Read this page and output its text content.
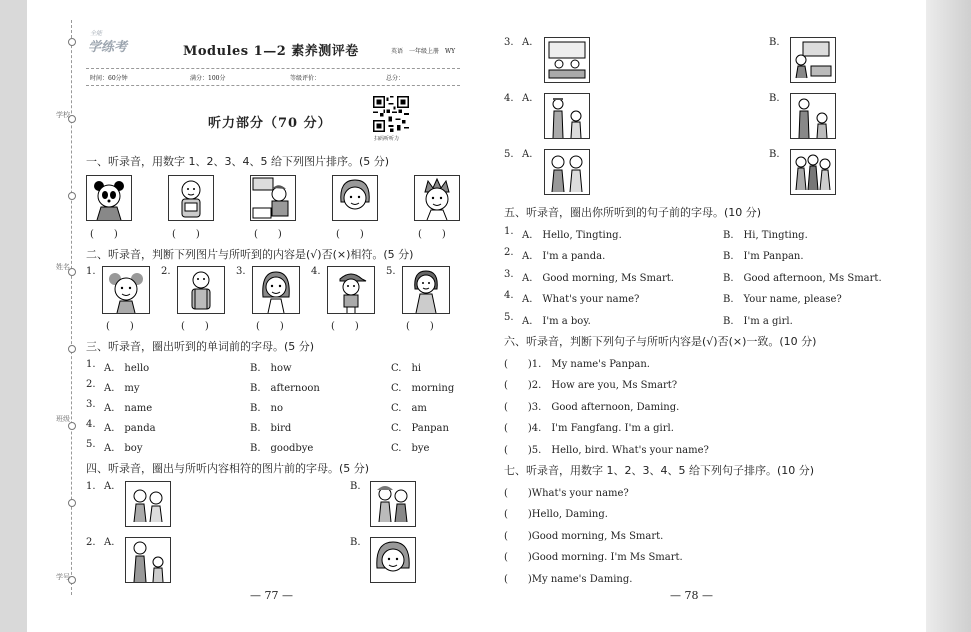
学校
姓名
班级
学号
全能
学练考	Modules 1—2 素养测评卷	英语　一年级上册　WY
时间：60分钟	满分：100分	等级评价：	总分：
听力部分（70 分）
扫码听听力
一、听录音，用数字 1、2、3、4、5 给下列图片排序。(5 分)
(　　)	(　　)	(　　)	(　　)	(　　)
二、听录音，判断下列图片与所听到的内容是(√)否(×)相符。(5 分)
1.	2.	3.	4.	5.
(　　)	(　　)	(　　)	(　　)	(　　)
三、听录音，圈出听到的单词前的字母。(5 分)
1. A.　hello	B.　how	C.　hi
2. A.　my	B.　afternoon	C.　morning
3. A.　name	B.　no	C.　am
4. A.　panda	B.　bird	C.　Panpan
5. A.　boy	B.　goodbye	C.　bye
四、听录音，圈出与所听内容相符的图片前的字母。(5 分)
1. A.	B.
2. A.	B.
— 77 —
3. A.	B.
4. A.	B.
5. A.	B.
五、听录音，圈出你所听到的句子前的字母。(10 分)
1. A.　Hello, Tingting.	B.　Hi, Tingting.
2. A.　I'm a panda.	B.　I'm Panpan.
3. A.　Good morning, Ms Smart.	B.　Good afternoon, Ms Smart.
4. A.　What's your name?	B.　Your name, please?
5. A.　I'm a boy.	B.　I'm a girl.
六、听录音，判断下列句子与所听内容是(√)否(×)一致。(10 分)
(　　)1.　My name's Panpan.
(　　)2.　How are you, Ms Smart?
(　　)3.　Good afternoon, Daming.
(　　)4.　I'm Fangfang. I'm a girl.
(　　)5.　Hello, bird. What's your name?
七、听录音，用数字 1、2、3、4、5 给下列句子排序。(10 分)
(　　)What's your name?
(　　)Hello, Daming.
(　　)Good morning, Ms Smart.
(　　)Good morning. I'm Ms Smart.
(　　)My name's Daming.
— 78 —
